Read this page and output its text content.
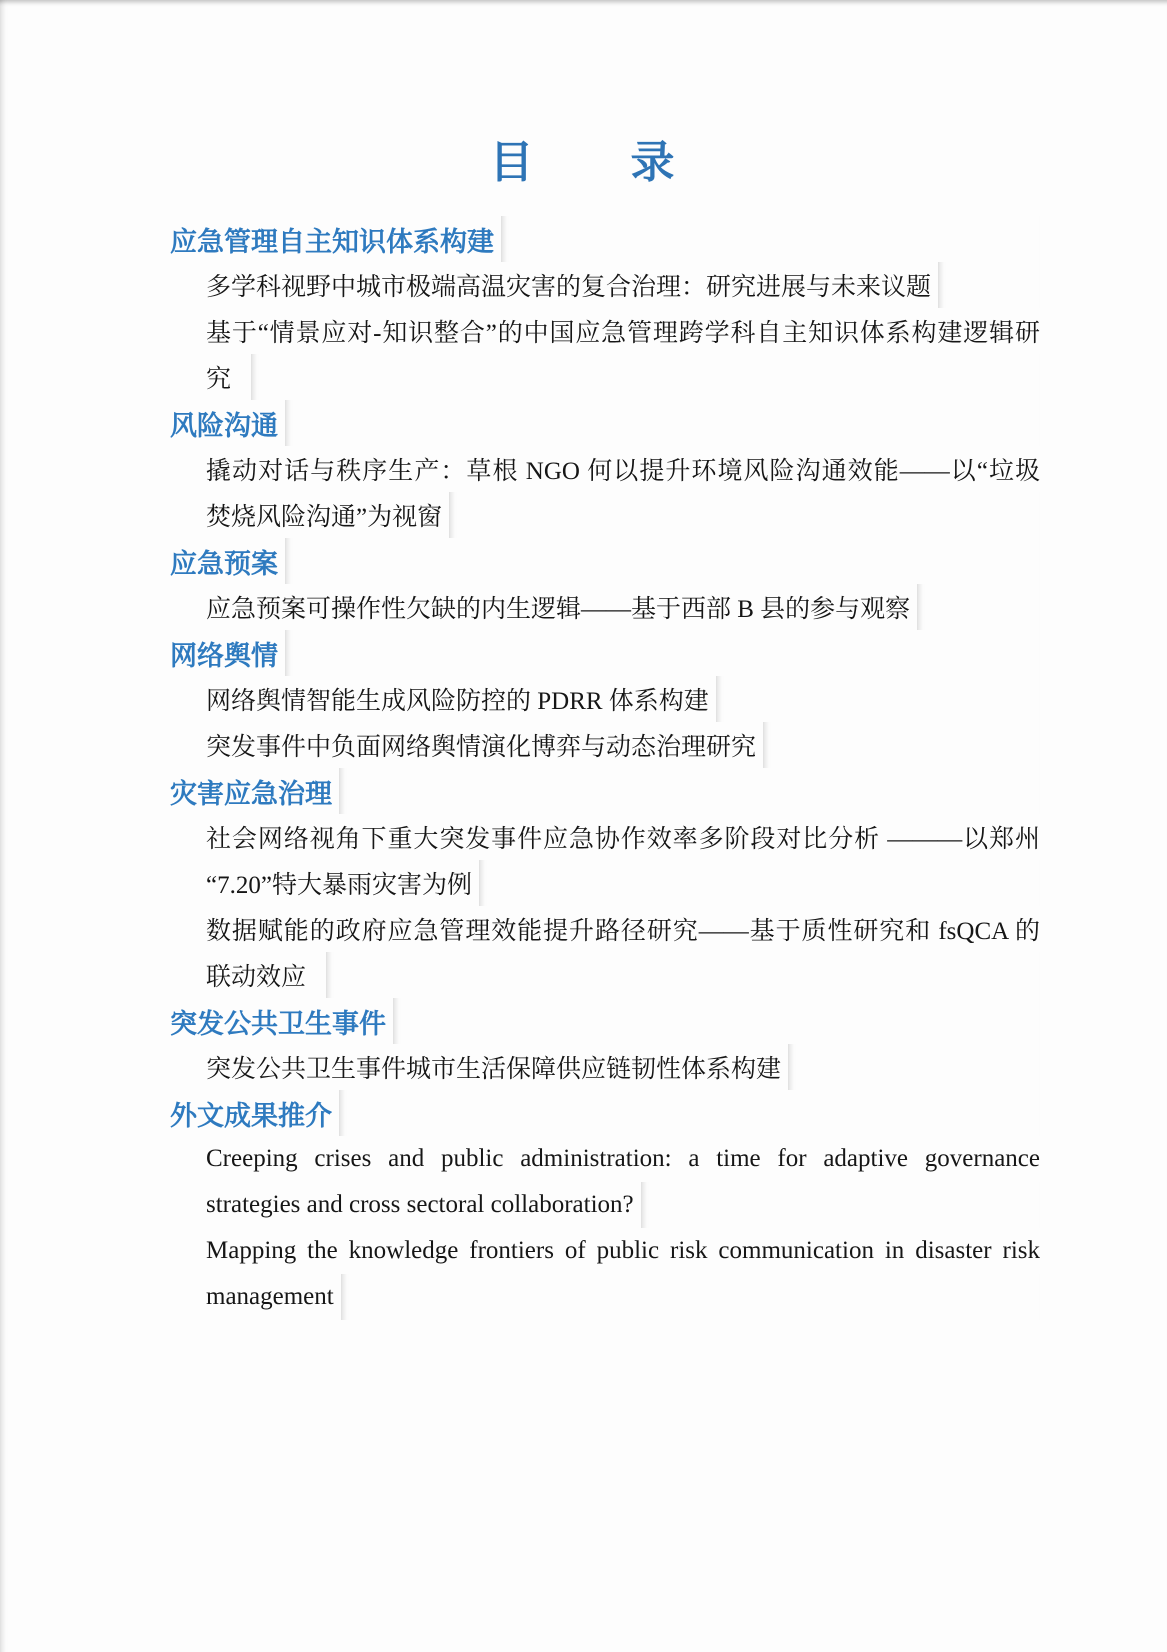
目　　录
应急管理自主知识体系构建
多学科视野中城市极端高温灾害的复合治理：研究进展与未来议题
基于“情景应对-知识整合”的中国应急管理跨学科自主知识体系构建逻辑研
究
风险沟通
撬动对话与秩序生产：草根 NGO 何以提升环境风险沟通效能——以“垃圾
焚烧风险沟通”为视窗
应急预案
应急预案可操作性欠缺的内生逻辑——基于西部 B 县的参与观察
网络舆情
网络舆情智能生成风险防控的 PDRR 体系构建
突发事件中负面网络舆情演化博弈与动态治理研究
灾害应急治理
社会网络视角下重大突发事件应急协作效率多阶段对比分析 ———以郑州
“7.20”特大暴雨灾害为例
数据赋能的政府应急管理效能提升路径研究——基于质性研究和 fsQCA 的
联动效应
突发公共卫生事件
突发公共卫生事件城市生活保障供应链韧性体系构建
外文成果推介
Creeping crises and public administration: a time for adaptive governance
strategies and cross sectoral collaboration?
Mapping the knowledge frontiers of public risk communication in disaster risk
management
